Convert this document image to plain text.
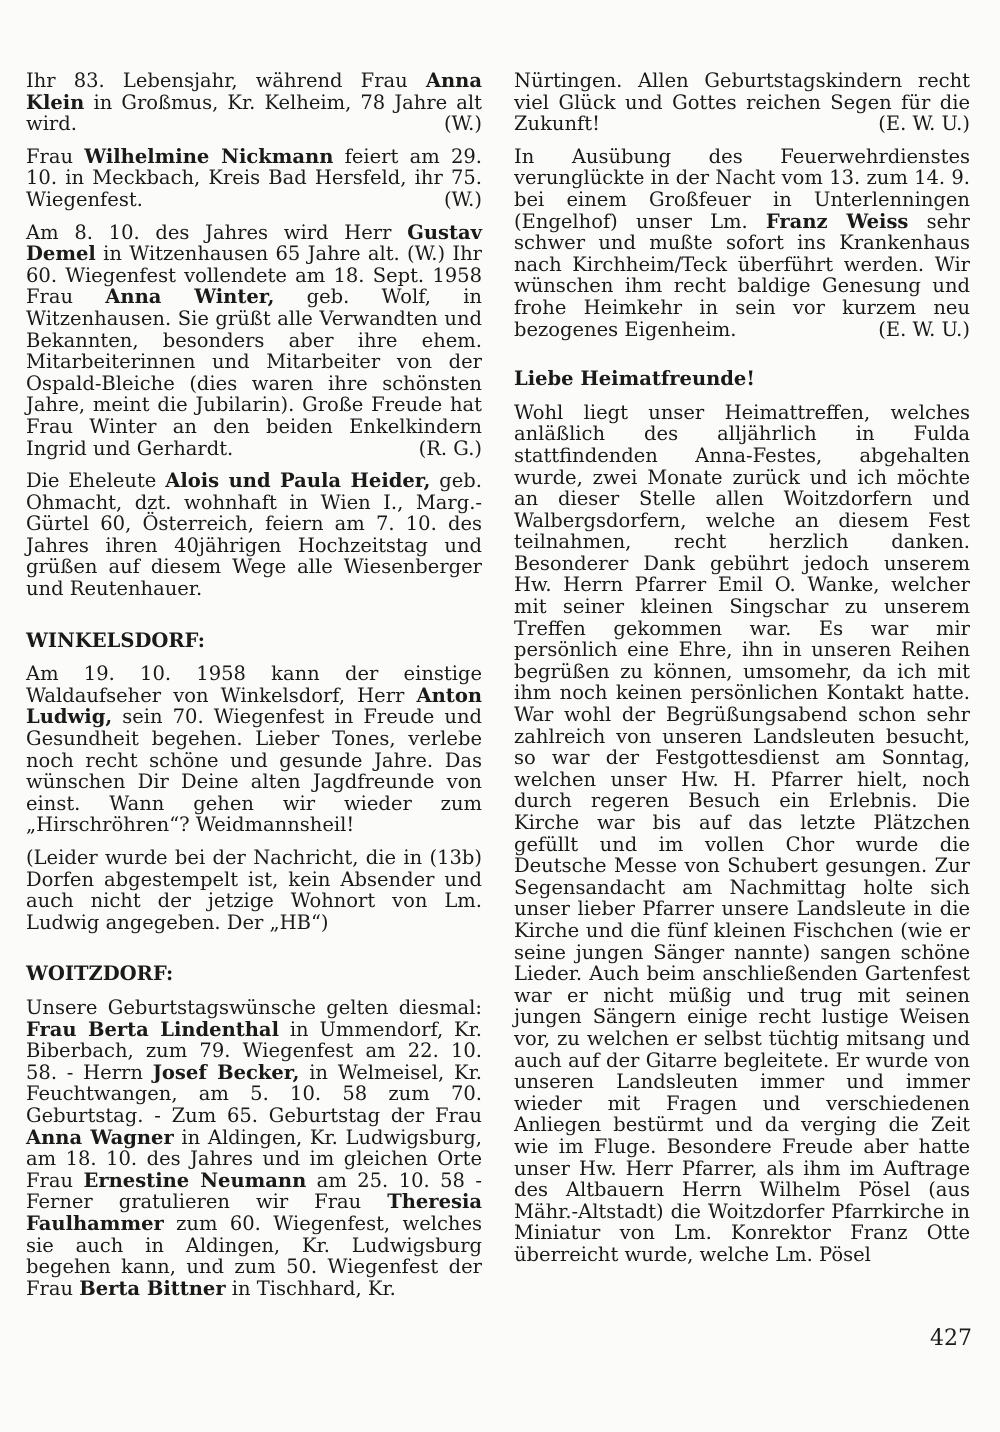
Ihr 83. Lebensjahr, während Frau Anna Klein in Großmus, Kr. Kelheim, 78 Jahre alt wird.	(W.)

Frau Wilhelmine Nickmann feiert am 29. 10. in Meckbach, Kreis Bad Hersfeld, ihr 75. Wiegenfest.	(W.)

Am 8. 10. des Jahres wird Herr Gustav Demel in Witzenhausen 65 Jahre alt. (W.) Ihr 60. Wiegenfest vollendete am 18. Sept. 1958 Frau Anna Winter, geb. Wolf, in Witzenhausen. Sie grüßt alle Verwandten und Bekannten, besonders aber ihre ehem. Mitarbeiterinnen und Mitarbeiter von der Ospald-Bleiche (dies waren ihre schönsten Jahre, meint die Jubilarin). Große Freude hat Frau Winter an den beiden Enkelkindern Ingrid und Gerhardt.	(R. G.)

Die Eheleute Alois und Paula Heider, geb. Ohmacht, dzt. wohnhaft in Wien I., Marg.-Gürtel 60, Österreich, feiern am 7. 10. des Jahres ihren 40jährigen Hochzeitstag und grüßen auf diesem Wege alle Wiesenberger und Reutenhauer.

WINKELSDORF:

Am 19. 10. 1958 kann der einstige Waldaufseher von Winkelsdorf, Herr Anton Ludwig, sein 70. Wiegenfest in Freude und Gesundheit begehen. Lieber Tones, verlebe noch recht schöne und gesunde Jahre. Das wünschen Dir Deine alten Jagdfreunde von einst. Wann gehen wir wieder zum „Hirschröhren“? Weidmannsheil!

(Leider wurde bei der Nachricht, die in (13b) Dorfen abgestempelt ist, kein Absender und auch nicht der jetzige Wohnort von Lm. Ludwig angegeben. Der „HB“)

WOITZDORF:

Unsere Geburtstagswünsche gelten diesmal: Frau Berta Lindenthal in Ummendorf, Kr. Biberbach, zum 79. Wiegenfest am 22. 10. 58. - Herrn Josef Becker, in Welmeisel, Kr. Feuchtwangen, am 5. 10. 58 zum 70. Geburtstag. - Zum 65. Geburtstag der Frau Anna Wagner in Aldingen, Kr. Ludwigsburg, am 18. 10. des Jahres und im gleichen Orte Frau Ernestine Neumann am 25. 10. 58 - Ferner gratulieren wir Frau Theresia Faulhammer zum 60. Wiegenfest, welches sie auch in Aldingen, Kr. Ludwigsburg begehen kann, und zum 50. Wiegenfest der Frau Berta Bittner in Tischhard, Kr.

Nürtingen. Allen Geburtstagskindern recht viel Glück und Gottes reichen Segen für die Zukunft!	(E. W. U.)

In Ausübung des Feuerwehrdienstes verunglückte in der Nacht vom 13. zum 14. 9. bei einem Großfeuer in Unterlenningen (Engelhof) unser Lm. Franz Weiss sehr schwer und mußte sofort ins Krankenhaus nach Kirchheim/Teck überführt werden. Wir wünschen ihm recht baldige Genesung und frohe Heimkehr in sein vor kurzem neu bezogenes Eigenheim.	(E. W. U.)

Liebe Heimatfreunde!

Wohl liegt unser Heimattreffen, welches anläßlich des alljährlich in Fulda stattfindenden Anna-Festes, abgehalten wurde, zwei Monate zurück und ich möchte an dieser Stelle allen Woitzdorfern und Walbergsdorfern, welche an diesem Fest teilnahmen, recht herzlich danken. Besonderer Dank gebührt jedoch unserem Hw. Herrn Pfarrer Emil O. Wanke, welcher mit seiner kleinen Singschar zu unserem Treffen gekommen war. Es war mir persönlich eine Ehre, ihn in unseren Reihen begrüßen zu können, umsomehr, da ich mit ihm noch keinen persönlichen Kontakt hatte. War wohl der Begrüßungsabend schon sehr zahlreich von unseren Landsleuten besucht, so war der Festgottesdienst am Sonntag, welchen unser Hw. H. Pfarrer hielt, noch durch regeren Besuch ein Erlebnis. Die Kirche war bis auf das letzte Plätzchen gefüllt und im vollen Chor wurde die Deutsche Messe von Schubert gesungen. Zur Segensandacht am Nachmittag holte sich unser lieber Pfarrer unsere Landsleute in die Kirche und die fünf kleinen Fischchen (wie er seine jungen Sänger nannte) sangen schöne Lieder. Auch beim anschließenden Gartenfest war er nicht müßig und trug mit seinen jungen Sängern einige recht lustige Weisen vor, zu welchen er selbst tüchtig mitsang und auch auf der Gitarre begleitete. Er wurde von unseren Landsleuten immer und immer wieder mit Fragen und verschiedenen Anliegen bestürmt und da verging die Zeit wie im Fluge. Besondere Freude aber hatte unser Hw. Herr Pfarrer, als ihm im Auftrage des Altbauern Herrn Wilhelm Pösel (aus Mähr.-Altstadt) die Woitzdorfer Pfarrkirche in Miniatur von Lm. Konrektor Franz Otte überreicht wurde, welche Lm. Pösel

427
